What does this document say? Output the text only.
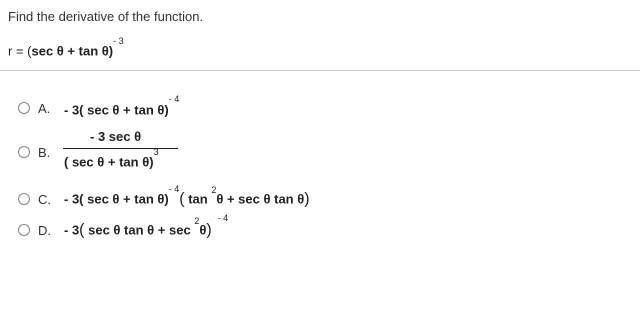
Find the derivative of the function.
r = (sec θ + tan θ)$^{- 3}$
A. - 3( sec θ + tan θ)$^{- 4}$
B.
- 3 sec θ
( sec θ + tan θ)$^3$
C. - 3( sec θ + tan θ)$^{- 4}$( tan $^2$θ + sec θ tan θ)
D. - 3( sec θ tan θ + sec $^2$θ)$^{- 4}$
